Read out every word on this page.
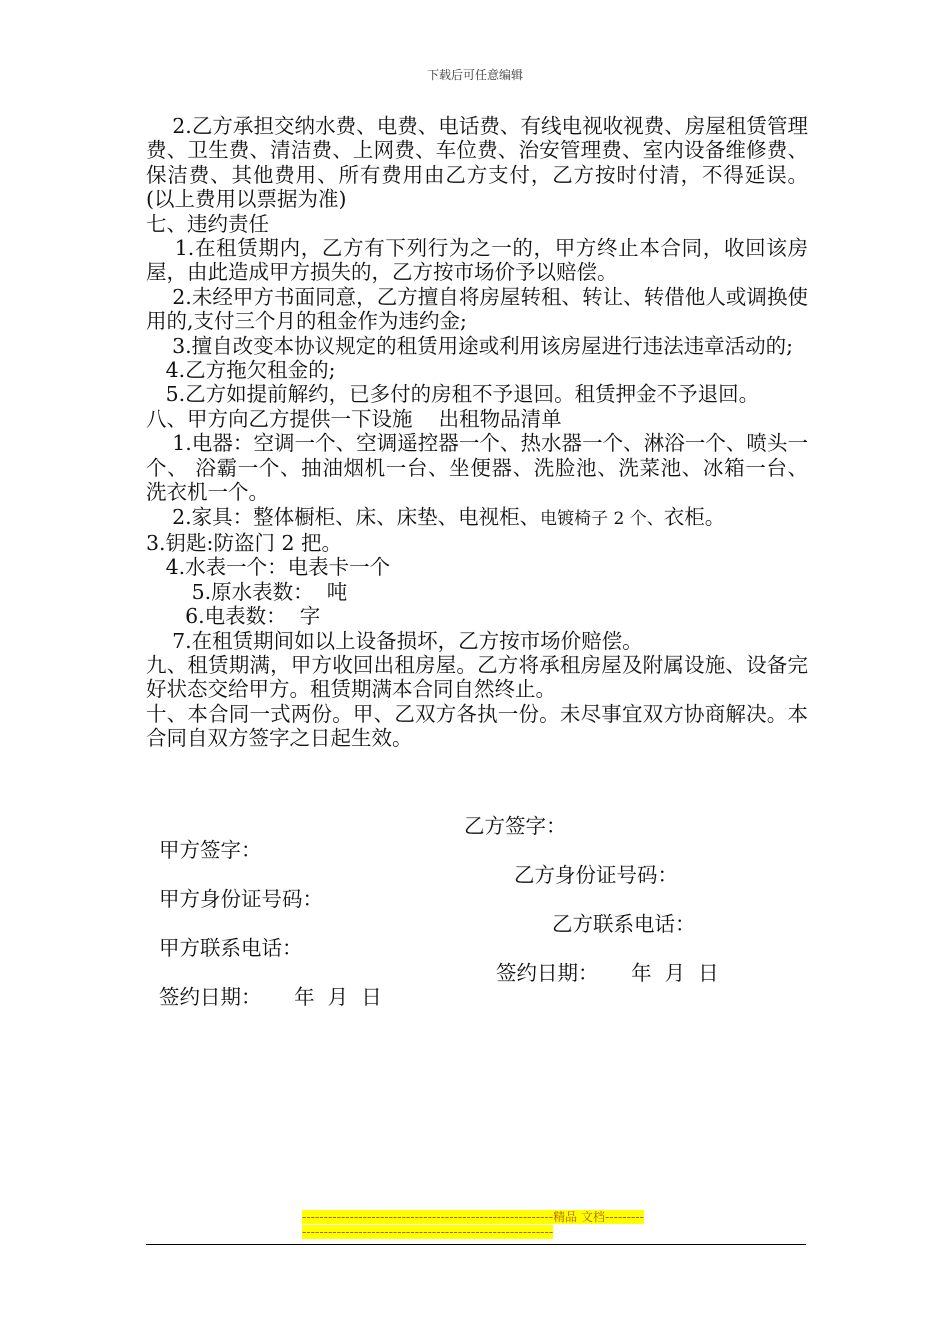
下载后可任意编辑

2.乙方承担交纳水费、电费、电话费、有线电视收视费、房屋租赁管理费、卫生费、清洁费、上网费、车位费、治安管理费、室内设备维修费、保洁费、其他费用、所有费用由乙方支付，乙方按时付清，不得延误。(以上费用以票据为准)

七、违约责任

1.在租赁期内，乙方有下列行为之一的，甲方终止本合同，收回该房屋，由此造成甲方损失的，乙方按市场价予以赔偿。

2.未经甲方书面同意，乙方擅自将房屋转租、转让、转借他人或调换使用的,支付三个月的租金作为违约金;

3.擅自改变本协议规定的租赁用途或利用该房屋进行违法违章活动的;

4.乙方拖欠租金的;

5.乙方如提前解约，已多付的房租不予退回。租赁押金不予退回。

八、甲方向乙方提供一下设施    出租物品清单

1.电器：空调一个、空调遥控器一个、热水器一个、淋浴一个、喷头一个、 浴霸一个、抽油烟机一台、坐便器、洗脸池、洗菜池、冰箱一台、洗衣机一个。

2.家具：整体橱柜、床、床垫、电视柜、电镀椅子 2 个、衣柜。

3.钥匙:防盗门 2 把。

4.水表一个：电表卡一个

5.原水表数：  吨

6.电表数：  字

7.在租赁期间如以上设备损坏，乙方按市场价赔偿。

九、租赁期满，甲方收回出租房屋。乙方将承租房屋及附属设施、设备完好状态交给甲方。租赁期满本合同自然终止。

十、本合同一式两份。甲、乙双方各执一份。未尽事宜双方协商解决。本合同自双方签字之日起生效。

甲方签字：

乙方签字：

甲方身份证号码：

乙方身份证号码：

甲方联系电话：

乙方联系电话：

签约日期：     年  月  日

签约日期：     年  月  日

----------------------------------------------------------精品 文档-------------------------------------------------------------------
